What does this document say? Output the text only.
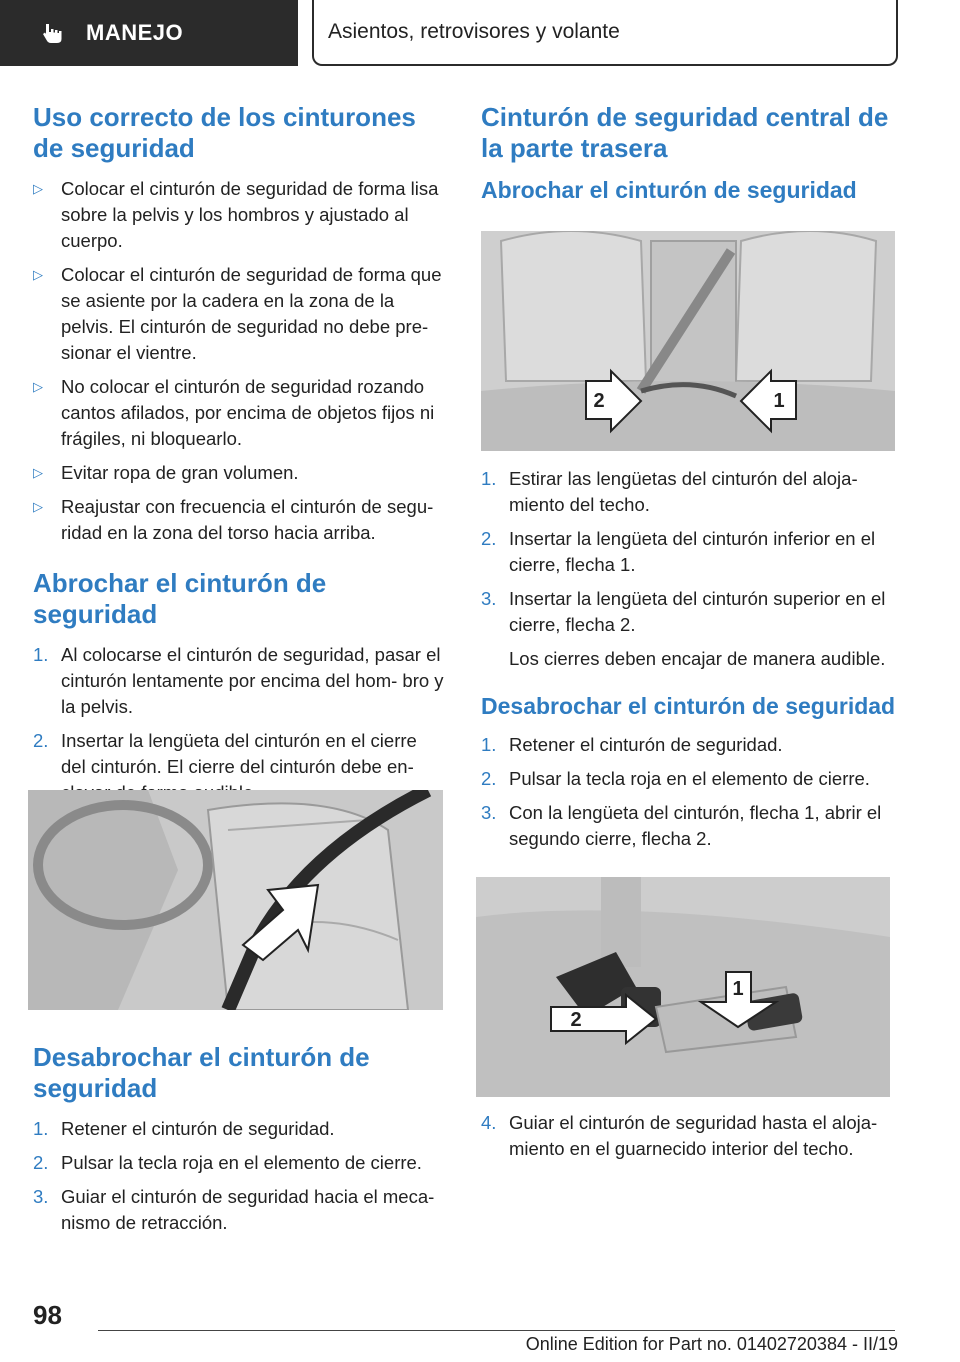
MANEJO	Asientos, retrovisores y volante
Uso correcto de los cinturones de seguridad
▷ Colocar el cinturón de seguridad de forma lisa sobre la pelvis y los hombros y ajustado al cuerpo.
▷ Colocar el cinturón de seguridad de forma que se asiente por la cadera en la zona de la pelvis. El cinturón de seguridad no debe pre‐ sionar el vientre.
▷ No colocar el cinturón de seguridad rozando cantos afilados, por encima de objetos fijos ni frágiles, ni bloquearlo.
▷ Evitar ropa de gran volumen.
▷ Reajustar con frecuencia el cinturón de segu‐ ridad en la zona del torso hacia arriba.
Abrochar el cinturón de seguridad
1. Al colocarse el cinturón de seguridad, pasar el cinturón lentamente por encima del hom‐ bro y la pelvis.
2. Insertar la lengüeta del cinturón en el cierre del cinturón. El cierre del cinturón debe en‐
Desabrochar el cinturón de seguridad
1. Retener el cinturón de seguridad.
2. Pulsar la tecla roja en el elemento de cierre.
3. Guiar el cinturón de seguridad hacia el meca‐ nismo de retracción.
Cinturón de seguridad central de la parte trasera
Abrochar el cinturón de seguridad
2	1
1. Estirar las lengüetas del cinturón del aloja‐ miento del techo.
2. Insertar la lengüeta del cinturón inferior en el cierre, flecha 1.
3. Insertar la lengüeta del cinturón superior en el cierre, flecha 2.
Los cierres deben encajar de manera audible.
Desabrochar el cinturón de seguridad
1. Retener el cinturón de seguridad.
2. Pulsar la tecla roja en el elemento de cierre.
3. Con la lengüeta del cinturón, flecha 1, abrir el segundo cierre, flecha 2.
1
2
4. Guiar el cinturón de seguridad hasta el aloja‐ miento en el guarnecido interior del techo.
98
Online Edition for Part no. 01402720384 - II/19
